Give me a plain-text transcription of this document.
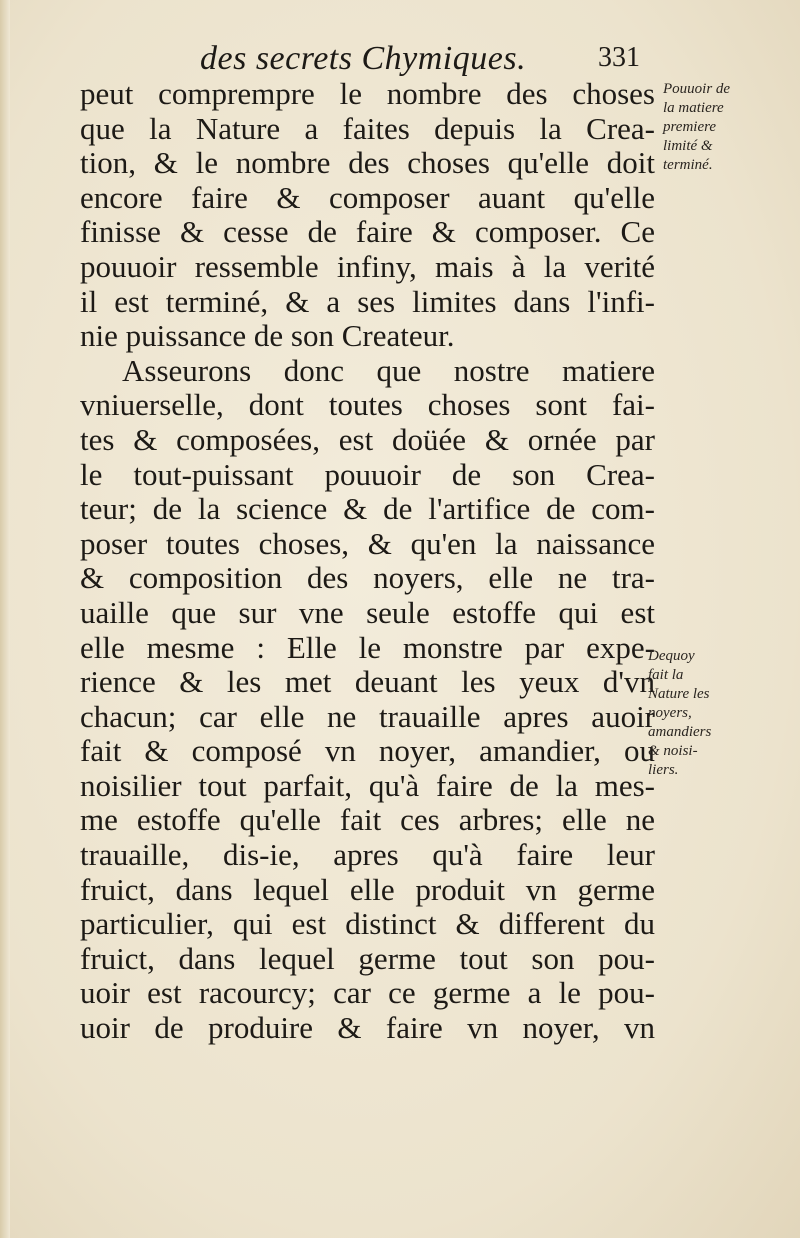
des secrets Chymiques.	331
peut comprempre le nombre des choses
que la Nature a faites depuis la Crea-
tion, & le nombre des choses qu'elle doit
encore faire & composer auant qu'elle
finisse & cesse de faire & composer. Ce
pouuoir ressemble infiny, mais à la verité
il est terminé, & a ses limites dans l'infi-
nie puissance de son Createur.
Asseurons donc que nostre matiere
vniuerselle, dont toutes choses sont fai-
tes & composées, est doüée & ornée par
le tout-puissant pouuoir de son Crea-
teur; de la science & de l'artifice de com-
poser toutes choses, & qu'en la naissance
& composition des noyers, elle ne tra-
uaille que sur vne seule estoffe qui est
elle mesme : Elle le monstre par expe-
rience & les met deuant les yeux d'vn
chacun; car elle ne trauaille apres auoir
fait & composé vn noyer, amandier, ou
noisilier tout parfait, qu'à faire de la mes-
me estoffe qu'elle fait ces arbres; elle ne
trauaille, dis-ie, apres qu'à faire leur
fruict, dans lequel elle produit vn germe
particulier, qui est distinct & different du
fruict, dans lequel germe tout son pou-
uoir est racourcy; car ce germe a le pou-
uoir de produire & faire vn noyer, vn
Pouuoir de
la matiere
premiere
limité &
terminé.
Dequoy
fait la
Nature les
noyers,
amandiers
& noisi-
liers.
